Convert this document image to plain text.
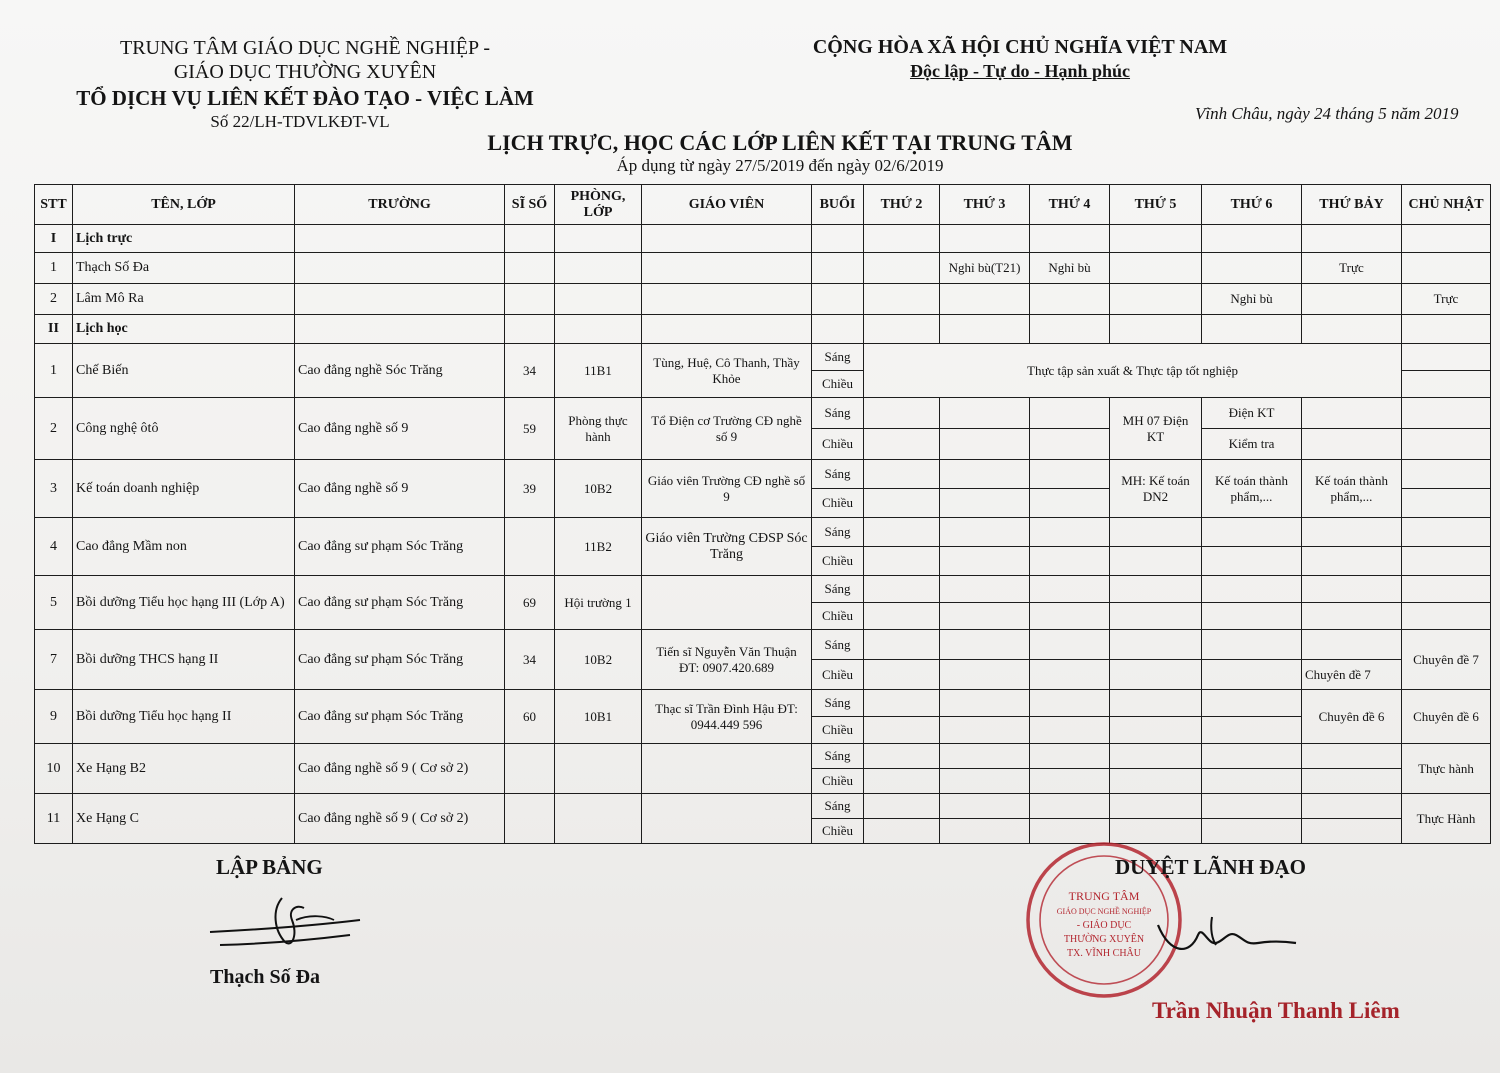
TRUNG TÂM GIÁO DỤC NGHỀ NGHIỆP -
GIÁO DỤC THƯỜNG XUYÊN
TỔ DỊCH VỤ LIÊN KẾT ĐÀO TẠO - VIỆC LÀM
Số 22/LH-TDVLKĐT-VL
CỘNG HÒA XÃ HỘI CHỦ NGHĨA VIỆT NAM
Độc lập - Tự do - Hạnh phúc
Vĩnh Châu, ngày 24 tháng 5 năm 2019
LỊCH TRỰC, HỌC CÁC LỚP LIÊN KẾT TẠI TRUNG TÂM
Áp dụng từ ngày 27/5/2019 đến ngày 02/6/2019
STT	TÊN, LỚP	TRƯỜNG	SĨ SỐ	PHÒNG, LỚP	GIÁO VIÊN	BUỔI	THỨ 2	THỨ 3	THỨ 4	THỨ 5	THỨ 6	THỨ BẢY	CHỦ NHẬT
I	Lịch trực												
1	Thạch Số Đa							Nghỉ bù(T21)	Nghỉ bù			Trực	
2	Lâm Mô Ra										Nghỉ bù		Trực
II	Lịch học												
1	Chế Biến	Cao đẳng nghề Sóc Trăng	34	11B1	Tùng, Huệ, Cô Thanh, Thầy Khỏe	Sáng	Thực tập sản xuất & Thực tập tốt nghiệp						
						Chiều							
2	Công nghệ ôtô	Cao đẳng nghề số 9	59	Phòng thực hành	Tổ Điện cơ Trường CĐ nghề số 9	Sáng				MH 07 Điện KT	Điện KT		
						Chiều					Kiểm tra		
3	Kế toán doanh nghiệp	Cao đẳng nghề số 9	39	10B2	Giáo viên Trường CĐ nghề số 9	Sáng				MH: Kế toán DN2	Kế toán thành phẩm,...	Kế toán thành phẩm,...	
						Chiều							
4	Cao đẳng Mầm non	Cao đẳng sư phạm Sóc Trăng		11B2	Giáo viên Trường CĐSP Sóc Trăng	Sáng							
						Chiều							
5	Bồi dưỡng Tiểu học hạng III (Lớp A)	Cao đẳng sư phạm Sóc Trăng	69	Hội trường 1		Sáng							
						Chiều							
7	Bồi dưỡng THCS hạng II	Cao đẳng sư phạm Sóc Trăng	34	10B2	Tiến sĩ Nguyễn Văn Thuận ĐT: 0907.420.689	Sáng							Chuyên đề 7
						Chiều						Chuyên đề 7	
9	Bồi dưỡng Tiểu học hạng II	Cao đẳng sư phạm Sóc Trăng	60	10B1	Thạc sĩ Trần Đình Hậu ĐT: 0944.449 596	Sáng						Chuyên đề 6	Chuyên đề 6
						Chiều							
10	Xe Hạng B2	Cao đẳng nghề số 9 ( Cơ sở 2)				Sáng							Thực hành
						Chiều							
11	Xe Hạng C	Cao đẳng nghề số 9 ( Cơ sở 2)				Sáng							Thực Hành
						Chiều							
LẬP BẢNG
Thạch Số Đa
TRUNG TÂM
GIÁO DỤC NGHỀ NGHIỆP
- GIÁO DỤC
THƯỜNG XUYÊN
TX. VĨNH CHÂU
DUYỆT LÃNH ĐẠO
Trần Nhuận Thanh Liêm
